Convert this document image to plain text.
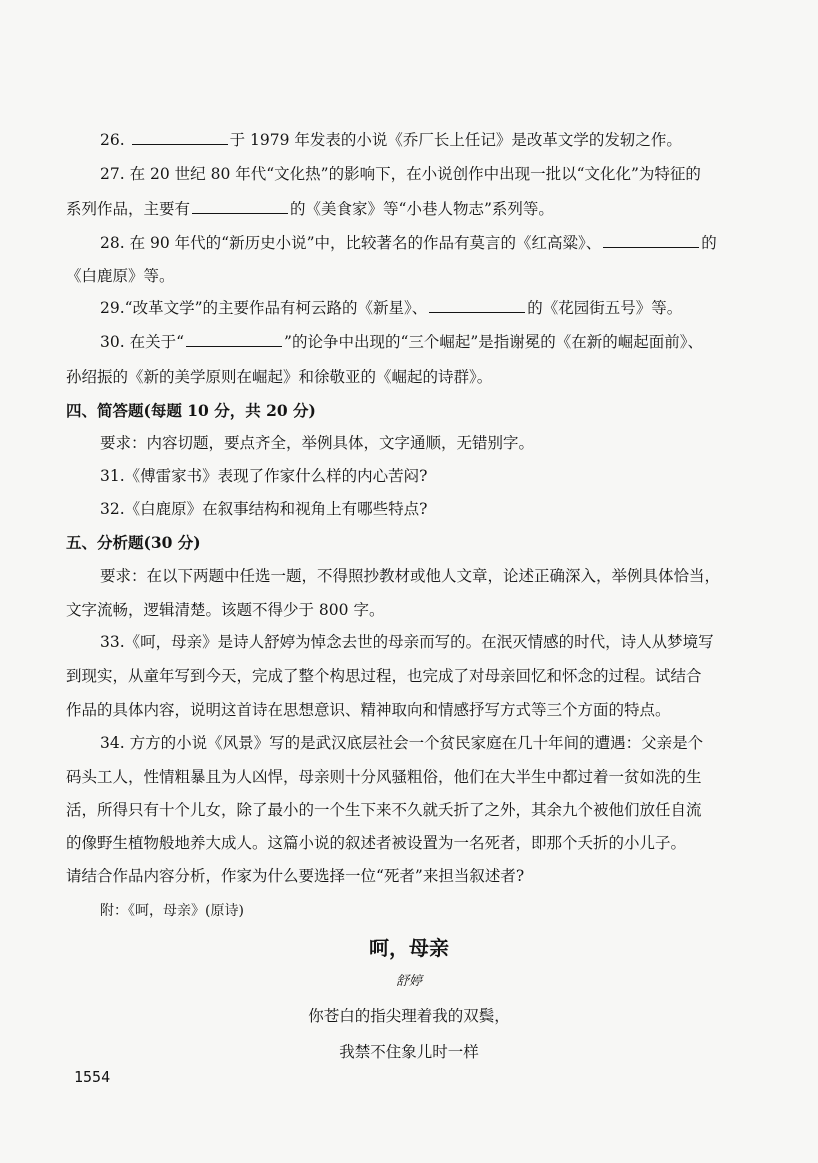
26.	于 1979 年发表的小说《乔厂长上任记》是改革文学的发轫之作。
27. 在 20 世纪 80 年代“文化热”的影响下，在小说创作中出现一批以“文化化”为特征的
系列作品，主要有	的《美食家》等“小巷人物志”系列等。
28. 在 90 年代的“新历史小说”中，比较著名的作品有莫言的《红高粱》、	的
《白鹿原》等。
29.“改革文学”的主要作品有柯云路的《新星》、	的《花园街五号》等。
30. 在关于“	”的论争中出现的“三个崛起”是指谢冕的《在新的崛起面前》、
孙绍振的《新的美学原则在崛起》和徐敬亚的《崛起的诗群》。
四、简答题(每题 10 分，共 20 分)
要求：内容切题，要点齐全，举例具体，文字通顺，无错别字。
31.《傅雷家书》表现了作家什么样的内心苦闷?
32.《白鹿原》在叙事结构和视角上有哪些特点?
五、分析题(30 分)
要求：在以下两题中任选一题，不得照抄教材或他人文章，论述正确深入，举例具体恰当，
文字流畅，逻辑清楚。该题不得少于 800 字。
33.《呵，母亲》是诗人舒婷为悼念去世的母亲而写的。在泯灭情感的时代，诗人从梦境写
到现实，从童年写到今天，完成了整个构思过程，也完成了对母亲回忆和怀念的过程。试结合
作品的具体内容，说明这首诗在思想意识、精神取向和情感抒写方式等三个方面的特点。
34. 方方的小说《风景》写的是武汉底层社会一个贫民家庭在几十年间的遭遇：父亲是个
码头工人，性情粗暴且为人凶悍，母亲则十分风骚粗俗，他们在大半生中都过着一贫如洗的生
活，所得只有十个儿女，除了最小的一个生下来不久就夭折了之外，其余九个被他们放任自流
的像野生植物般地养大成人。这篇小说的叙述者被设置为一名死者，即那个夭折的小儿子。
请结合作品内容分析，作家为什么要选择一位“死者”来担当叙述者?
附：《呵，母亲》(原诗)
呵，母亲
舒婷
你苍白的指尖理着我的双鬓，
我禁不住象儿时一样
1554
